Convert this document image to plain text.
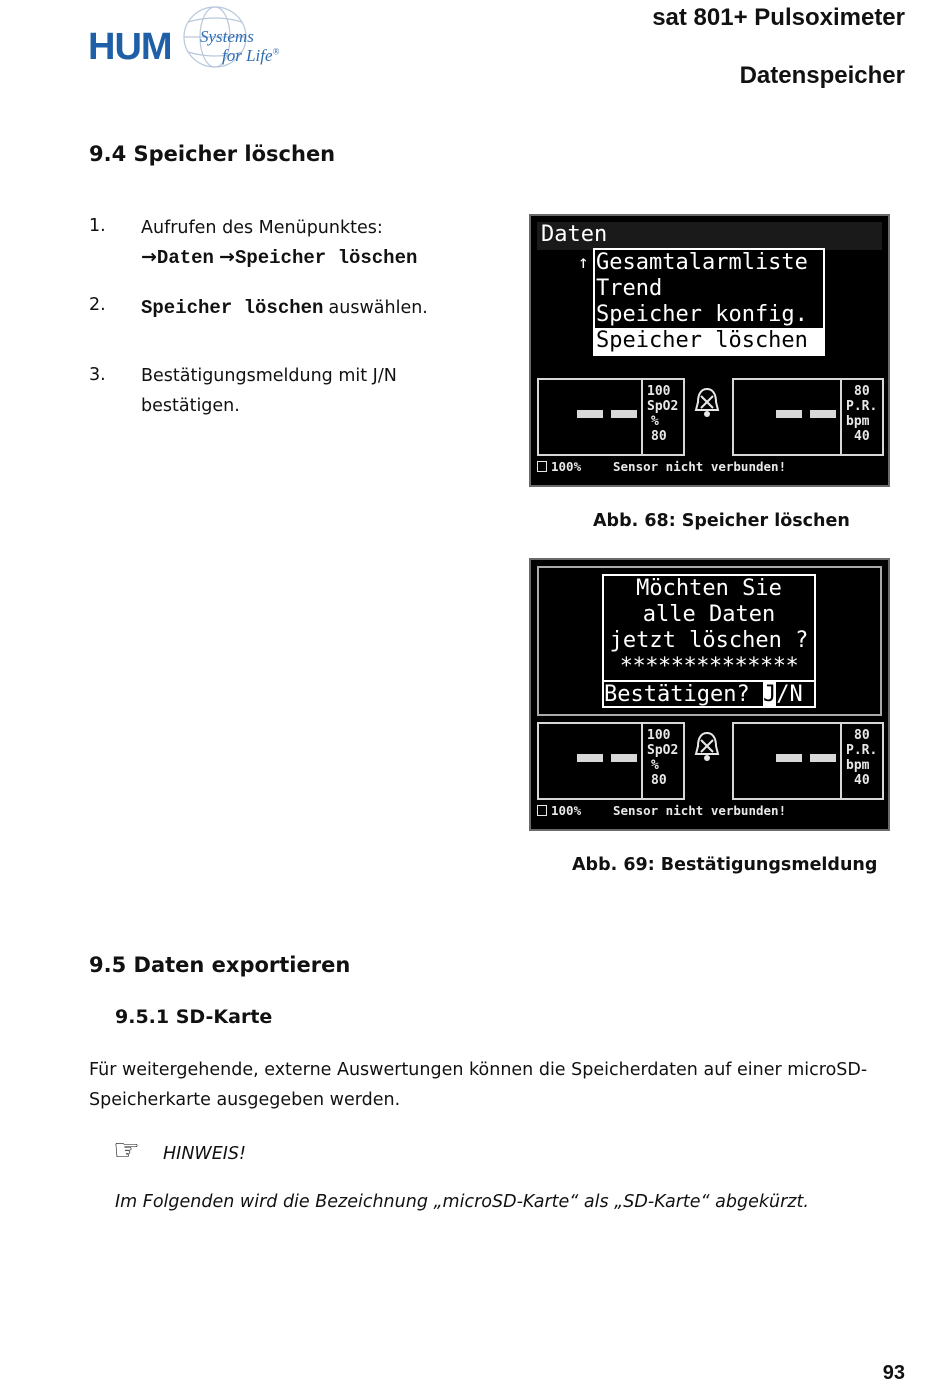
HUM Systems
for Life®
sat 801+ Pulsoximeter
Datenspeicher
9.4 Speicher löschen
1. Aufrufen des Menüpunktes:
→Daten →Speicher löschen
2. Speicher löschen auswählen.
3. Bestätigungsmeldung mit J/N
bestätigen.
Daten
↑ Gesamtalarmliste
Trend
Speicher konfig.
Speicher löschen
100
SpO2
%
80
80
P.R.
bpm
40
100%	Sensor nicht verbunden!
Abb. 68: Speicher löschen
Möchten Sie
alle Daten
jetzt löschen ?
**************
Bestätigen? J/N
100
SpO2
%
80
80
P.R.
bpm
40
100%	Sensor nicht verbunden!
Abb. 69: Bestätigungsmeldung
9.5 Daten exportieren
9.5.1 SD-Karte
Für weitergehende, externe Auswertungen können die Speicherdaten auf einer microSD-
Speicherkarte ausgegeben werden.
☞ HINWEIS!
Im Folgenden wird die Bezeichnung „microSD-Karte“ als „SD-Karte“ abgekürzt.
93
